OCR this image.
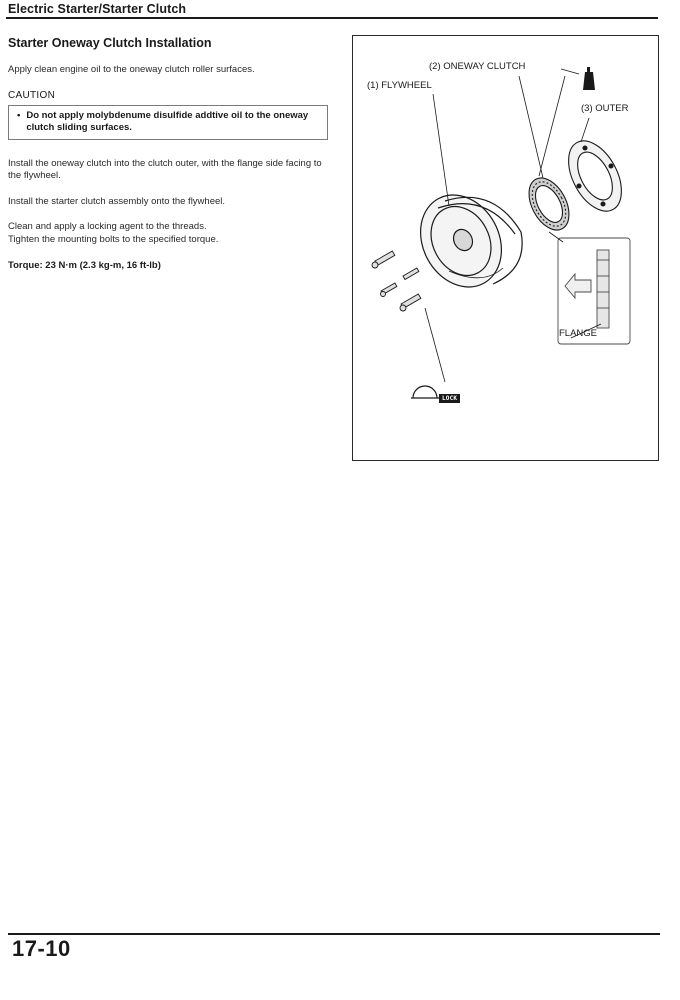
Electric Starter/Starter Clutch
Starter Oneway Clutch Installation

Apply clean engine oil to the oneway clutch roller surfaces.

CAUTION
• Do not apply molybdenume disulfide addtive oil to the oneway clutch sliding surfaces.

Install the oneway clutch into the clutch outer, with the flange side facing to the flywheel.

Install the starter clutch assembly onto the flywheel.

Clean and apply a locking agent to the threads.
Tighten the mounting bolts to the specified torque.

Torque: 23 N·m (2.3 kg-m, 16 ft-lb)
(2) ONEWAY CLUTCH
(1) FLYWHEEL
(3) OUTER
FLANGE
LOCK
17-10
